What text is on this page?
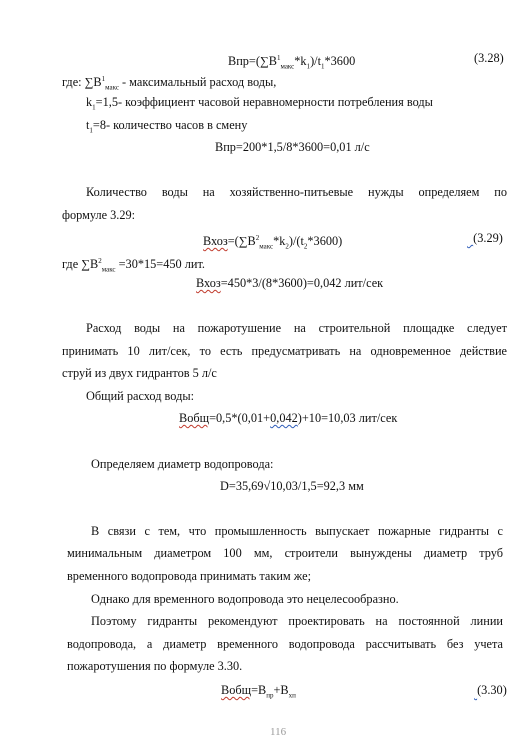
$Впр=(\sum В^1_{макс}*k_1)/t_1*3600$	(3.28)
где: $\sum В^1_{макс}$ - максимальный расход воды,
$k_1=1,5-$ коэффициент часовой неравномерности потребления воды
$t_1=8-$ количество часов в смену
Впр=200*1,5/8*3600=0,01 л/с
Количество воды на хозяйственно-питьевые нужды определяем по
формуле 3.29:
$Вхоз=(\sum В^2_{макс}*k_2)/(t_2*3600)$	(3.29)
где $\sum В^2_{макс} =30*15=450$ лит.
Вхоз=450*3/(8*3600)=0,042 лит/сек
Расход воды на пожаротушение на строительной площадке следует
принимать 10 лит/сек, то есть предусматривать на одновременное действие
струй из двух гидрантов 5 л/с
Общий расход воды:
Вобщ=0,5*(0,01+0,042)+10=10,03 лит/сек
Определяем диаметр водопровода:
D=35,69√10,03/1,5=92,3 мм
В связи с тем, что промышленность выпускает пожарные гидранты с
минимальным диаметром 100 мм, строители вынуждены диаметр труб
временного водопровода принимать таким же;
Однако для временного водопровода это нецелесообразно.
Поэтому гидранты рекомендуют проектировать на постоянной линии
водопровода, а диаметр временного водопровода рассчитывать без учета
пожаротушения по формуле 3.30.
$Вобщ=В_{пр}+В_{хп}$	(3.30)
116
